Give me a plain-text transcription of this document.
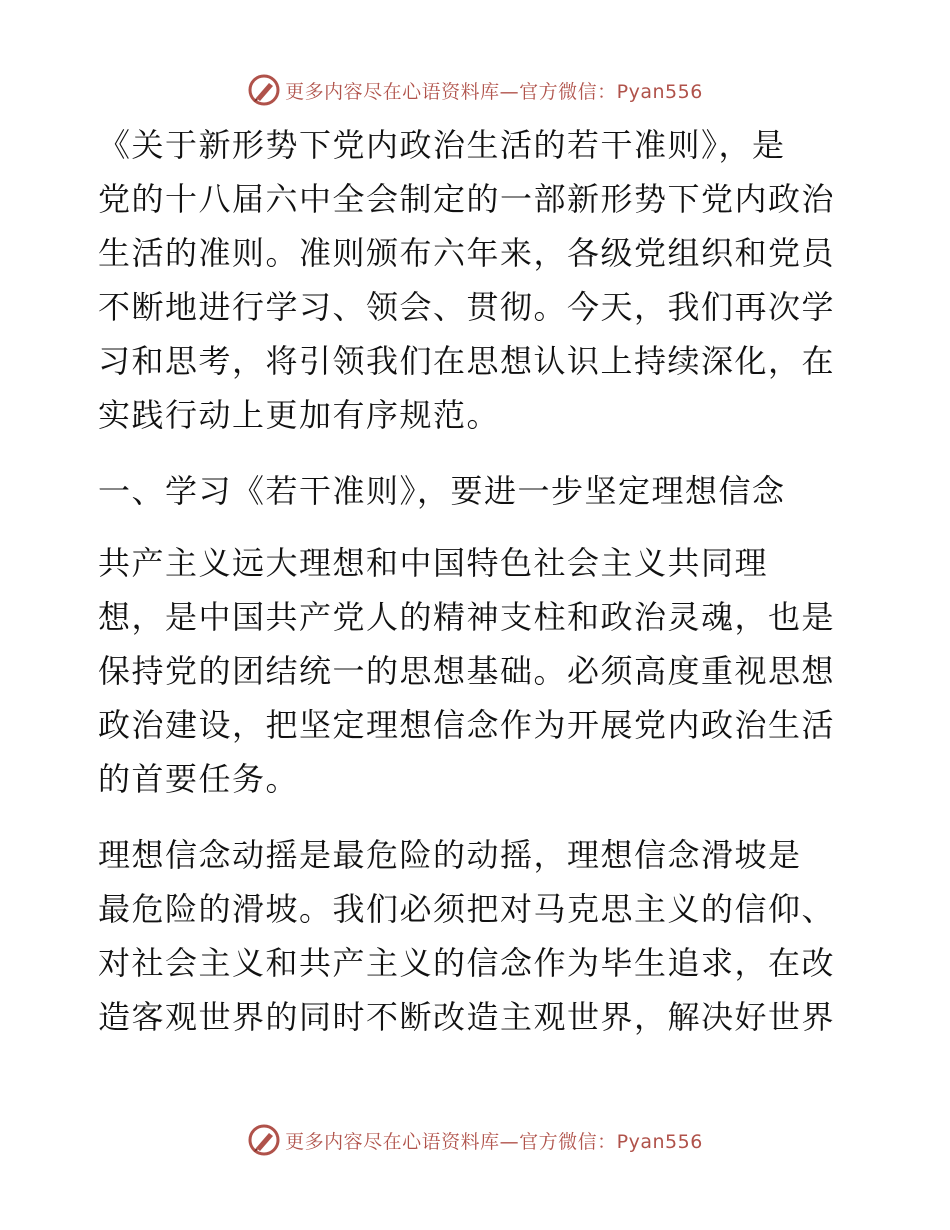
更多内容尽在心语资料库—官方微信：Pyan556

《关于新形势下党内政治生活的若干准则》，是
党的十八届六中全会制定的一部新形势下党内政治
生活的准则。准则颁布六年来，各级党组织和党员
不断地进行学习、领会、贯彻。今天，我们再次学
习和思考，将引领我们在思想认识上持续深化，在
实践行动上更加有序规范。

一、学习《若干准则》，要进一步坚定理想信念

共产主义远大理想和中国特色社会主义共同理
想，是中国共产党人的精神支柱和政治灵魂，也是
保持党的团结统一的思想基础。必须高度重视思想
政治建设，把坚定理想信念作为开展党内政治生活
的首要任务。

理想信念动摇是最危险的动摇，理想信念滑坡是
最危险的滑坡。我们必须把对马克思主义的信仰、
对社会主义和共产主义的信念作为毕生追求，在改
造客观世界的同时不断改造主观世界，解决好世界

更多内容尽在心语资料库—官方微信：Pyan556
